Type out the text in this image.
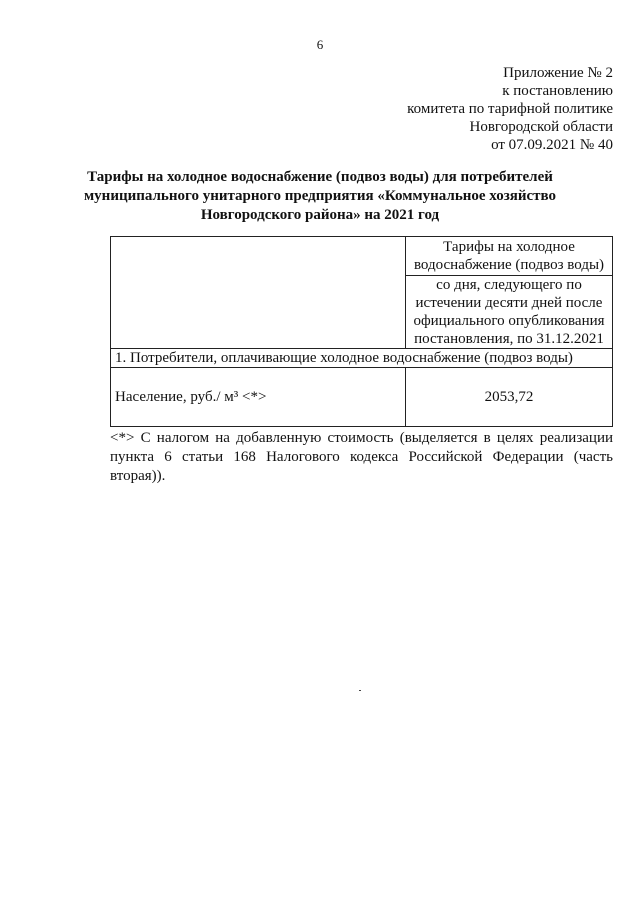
6
Приложение № 2
к постановлению
комитета по тарифной политике
Новгородской области
от 07.09.2021 № 40
Тарифы на холодное водоснабжение (подвоз воды) для потребителей
муниципального унитарного предприятия «Коммунальное хозяйство
Новгородского района» на 2021 год

	Тарифы на холодное
водоснабжение (подвоз воды)

	со дня, следующего по
истечении десяти дней после
официального опубликования
постановления, по 31.12.2021

1. Потребители, оплачивающие холодное водоснабжение (подвоз воды)	
Население, руб./ м³ <*>	2053,72
<*> С налогом на добавленную стоимость (выделяется в целях реализации пункта 6 статьи 168 Налогового кодекса Российской Федерации (часть вторая)).
